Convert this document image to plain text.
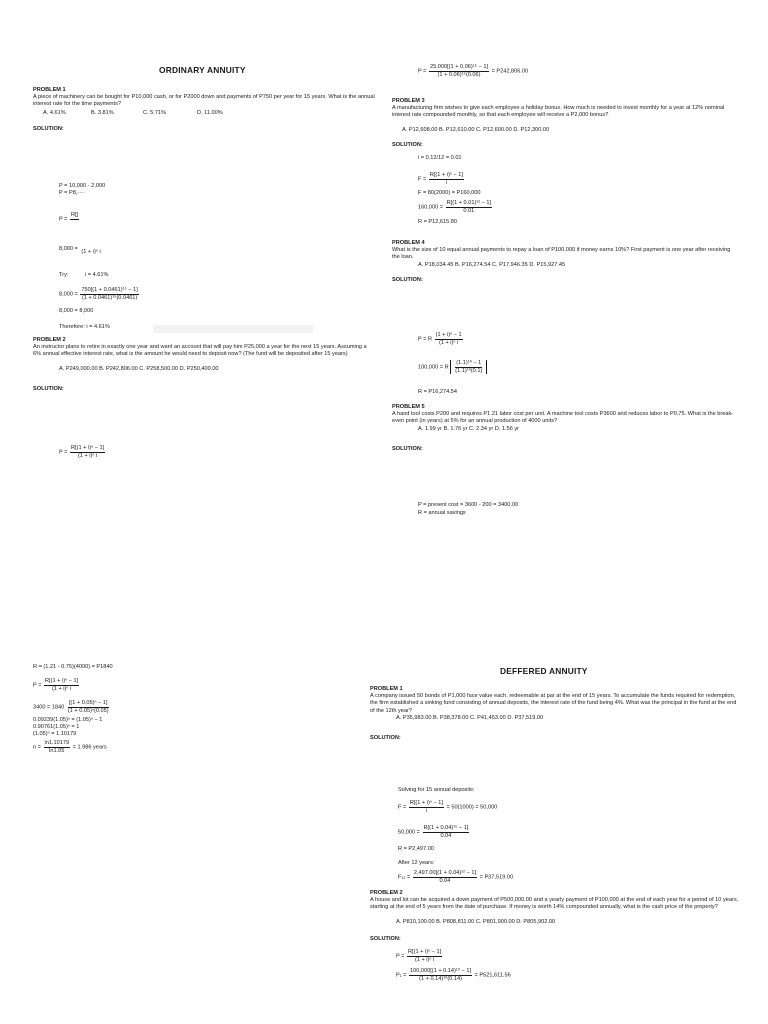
ORDINARY ANNUITY
PROBLEM 1
A piece of machinery can be bought for P10,000 cash, or for P2000 down and payments of P750 per year for 15 years. What is the annual interest rate for the time payments?
A. 4.61%	B. 3.81%	C. 5.71%	D. 11.00%
SOLUTION:
P = 10,000 - 2,000
P = P8,····
P =
R[]

8,000 =
(1 + i)ⁿ i
Try:	i = 4.61%
$8,000 = \frac{\text{750[(1 + 0.0461)¹⁵ − 1]}}{\text{(1 + 0.0461)¹⁵(0.0461)}}$
8,000 = 8,000
Therefore: i = 4.61%
PROBLEM 2
An instructor plans to retire in exactly one year and want an account that will pay him P25,000 a year for the next 15 years. Assuming a 6% annual effective interest rate, what is the amount he would need to deposit now? (The fund will be deposited after 15 years)
A. P249,000.00 B. P242,806.00 C. P258,500.00 D. P250,400.00
SOLUTION:
$P = \frac{\text{R[(1 + i)ⁿ − 1]}}{\text{(1 + i)ⁿ i}}$
$P = \frac{\text{25,000[(1 + 0.06)¹⁵ − 1]}}{\text{(1 + 0.06)¹⁵(0.06)}} = P242,806.00$
PROBLEM 3
A manufacturing firm wishes to give each employee a holiday bonus. How much is needed to invest monthly for a year at 12% nominal interest rate compounded monthly, so that each employee will receive a P2,000 bonus?
A. P12,608.00 B. P12,610.00 C. P12,600.00 D. P12,300.00
SOLUTION:
i = 0.12/12 = 0.01
$F = \frac{\text{R[(1 + i)ⁿ − 1]}}{i}$
F = 80(2000) = P160,000
$160,000 = \frac{\text{R[(1 + 0.01)¹² − 1]}}{0.01}$
R = P12,615.80
PROBLEM 4
What is the size of 10 equal annual payments to repay a loan of P100,000 if money earns 10%? First payment is one year after receiving the loan.
A. P18,034.45 B. P16,274.54 C. P17,946.35 D. P15,927.45
SOLUTION:
P = R $\frac{\text{(1 + i)ⁿ − 1}}{\text{(1 + i)ⁿ i}}$
100,000 = R $\frac{\text{(1.1)¹⁰ − 1}}{\text{(1.1)¹⁰(0.1)}}$
R = P16,274.54
PROBLEM 5
A hand tool costs P200 and requires P1.21 labor cost per unit. A machine tool costs P3600 and reduces labor to P0.75. What is the break-even point (in years) at 5% for an annual production of 4000 units?
A. 1.99 yr B. 1.76 yr C. 2.34 yr D. 1.56 yr
SOLUTION:
P = present cost = 3600 - 200 = 3400.00
R = annual savings
R = (1.21 - 0.75)(4000) = P1840
$P = \frac{\text{R[(1 + i)ⁿ − 1]}}{\text{(1 + i)ⁿ i}}$
$3400 = 1840 \frac{\text{[(1 + 0.05)ⁿ − 1]}}{\text{(1 + 0.05)ⁿ(0.05)}}$
0.09239(1.05)ⁿ = (1.05)ⁿ − 1
0.90761(1.05)ⁿ = 1
(1.05)ⁿ = 1.10179
$n = \frac{\ln 1.10179}{\ln 1.05} = 1.986$ years
DEFFERED ANNUITY
PROBLEM 1
A company issued 50 bonds of P1,000 face value each, redeemable at par at the end of 15 years. To accumulate the funds required for redemption, the firm established a sinking fund consisting of annual deposits, the interest rate of the fund being 4%. What was the principal in the fund at the end of the 12th year?
A. P35,983.00 B. P38,378.00 C. P41,453.00 D. P37,519.00
SOLUTION:
Solving for 15 annual deposits:
$F = \frac{\text{R[(1 + i)ⁿ − 1]}}{i} = 50(1000) = 50,000$
$50,000 = \frac{\text{R[(1 + 0.04)¹⁵ − 1]}}{0.04}$
R = P2,497.00
After 12 years:
$F_{12} = \frac{\text{2,497.00[(1 + 0.04)¹² − 1]}}{0.04} = P37,519.00$
PROBLEM 2
A house and lot can be acquired a down payment of P500,000.00 and a yearly payment of P100,000 at the end of each year for a period of 10 years, starting at the end of 5 years from the date of purchase. If money is worth 14% compounded annually, what is the cash price of the property?
A. P810,100.00 B. P808,811.00 C. P801,900.00 D. P805,902.00
SOLUTION:
$P = \frac{\text{R[(1 + i)ⁿ − 1]}}{\text{(1 + i)ⁿ i}}$
$P_1 = \frac{\text{100,000[(1 + 0.14)¹⁰ − 1]}}{\text{(1 + 0.14)¹⁰(0.14)}} = P521,611.56$
